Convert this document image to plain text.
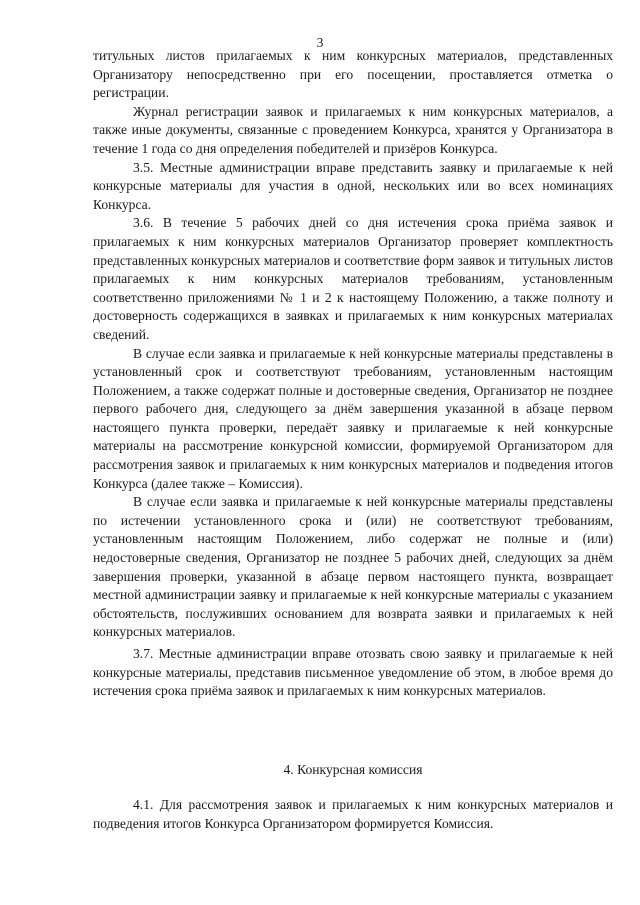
3

титульных листов прилагаемых к ним конкурсных материалов, представленных Организатору непосредственно при его посещении, проставляется отметка о регистрации.

Журнал регистрации заявок и прилагаемых к ним конкурсных материалов, а также иные документы, связанные с проведением Конкурса, хранятся у Организатора в течение 1 года со дня определения победителей и призёров Конкурса.

3.5. Местные администрации вправе представить заявку и прилагаемые к ней конкурсные материалы для участия в одной, нескольких или во всех номинациях Конкурса.

3.6. В течение 5 рабочих дней со дня истечения срока приёма заявок и прилагаемых к ним конкурсных материалов Организатор проверяет комплектность представленных конкурсных материалов и соответствие форм заявок и титульных листов прилагаемых к ним конкурсных материалов требованиям, установленным соответственно приложениями № 1 и 2 к настоящему Положению, а также полноту и достоверность содержащихся в заявках и прилагаемых к ним конкурсных материалах сведений.

В случае если заявка и прилагаемые к ней конкурсные материалы представлены в установленный срок и соответствуют требованиям, установленным настоящим Положением, а также содержат полные и достоверные сведения, Организатор не позднее первого рабочего дня, следующего за днём завершения указанной в абзаце первом настоящего пункта проверки, передаёт заявку и прилагаемые к ней конкурсные материалы на рассмотрение конкурсной комиссии, формируемой Организатором для рассмотрения заявок и прилагаемых к ним конкурсных материалов и подведения итогов Конкурса (далее также – Комиссия).

В случае если заявка и прилагаемые к ней конкурсные материалы представлены по истечении установленного срока и (или) не соответствуют требованиям, установленным настоящим Положением, либо содержат не полные и (или) недостоверные сведения, Организатор не позднее 5 рабочих дней, следующих за днём завершения проверки, указанной в абзаце первом настоящего пункта, возвращает местной администрации заявку и прилагаемые к ней конкурсные материалы с указанием обстоятельств, послуживших основанием для возврата заявки и прилагаемых к ней конкурсных материалов.

3.7. Местные администрации вправе отозвать свою заявку и прилагаемые к ней конкурсные материалы, представив письменное уведомление об этом, в любое время до истечения срока приёма заявок и прилагаемых к ним конкурсных материалов.

4. Конкурсная комиссия

4.1. Для рассмотрения заявок и прилагаемых к ним конкурсных материалов и подведения итогов Конкурса Организатором формируется Комиссия.
